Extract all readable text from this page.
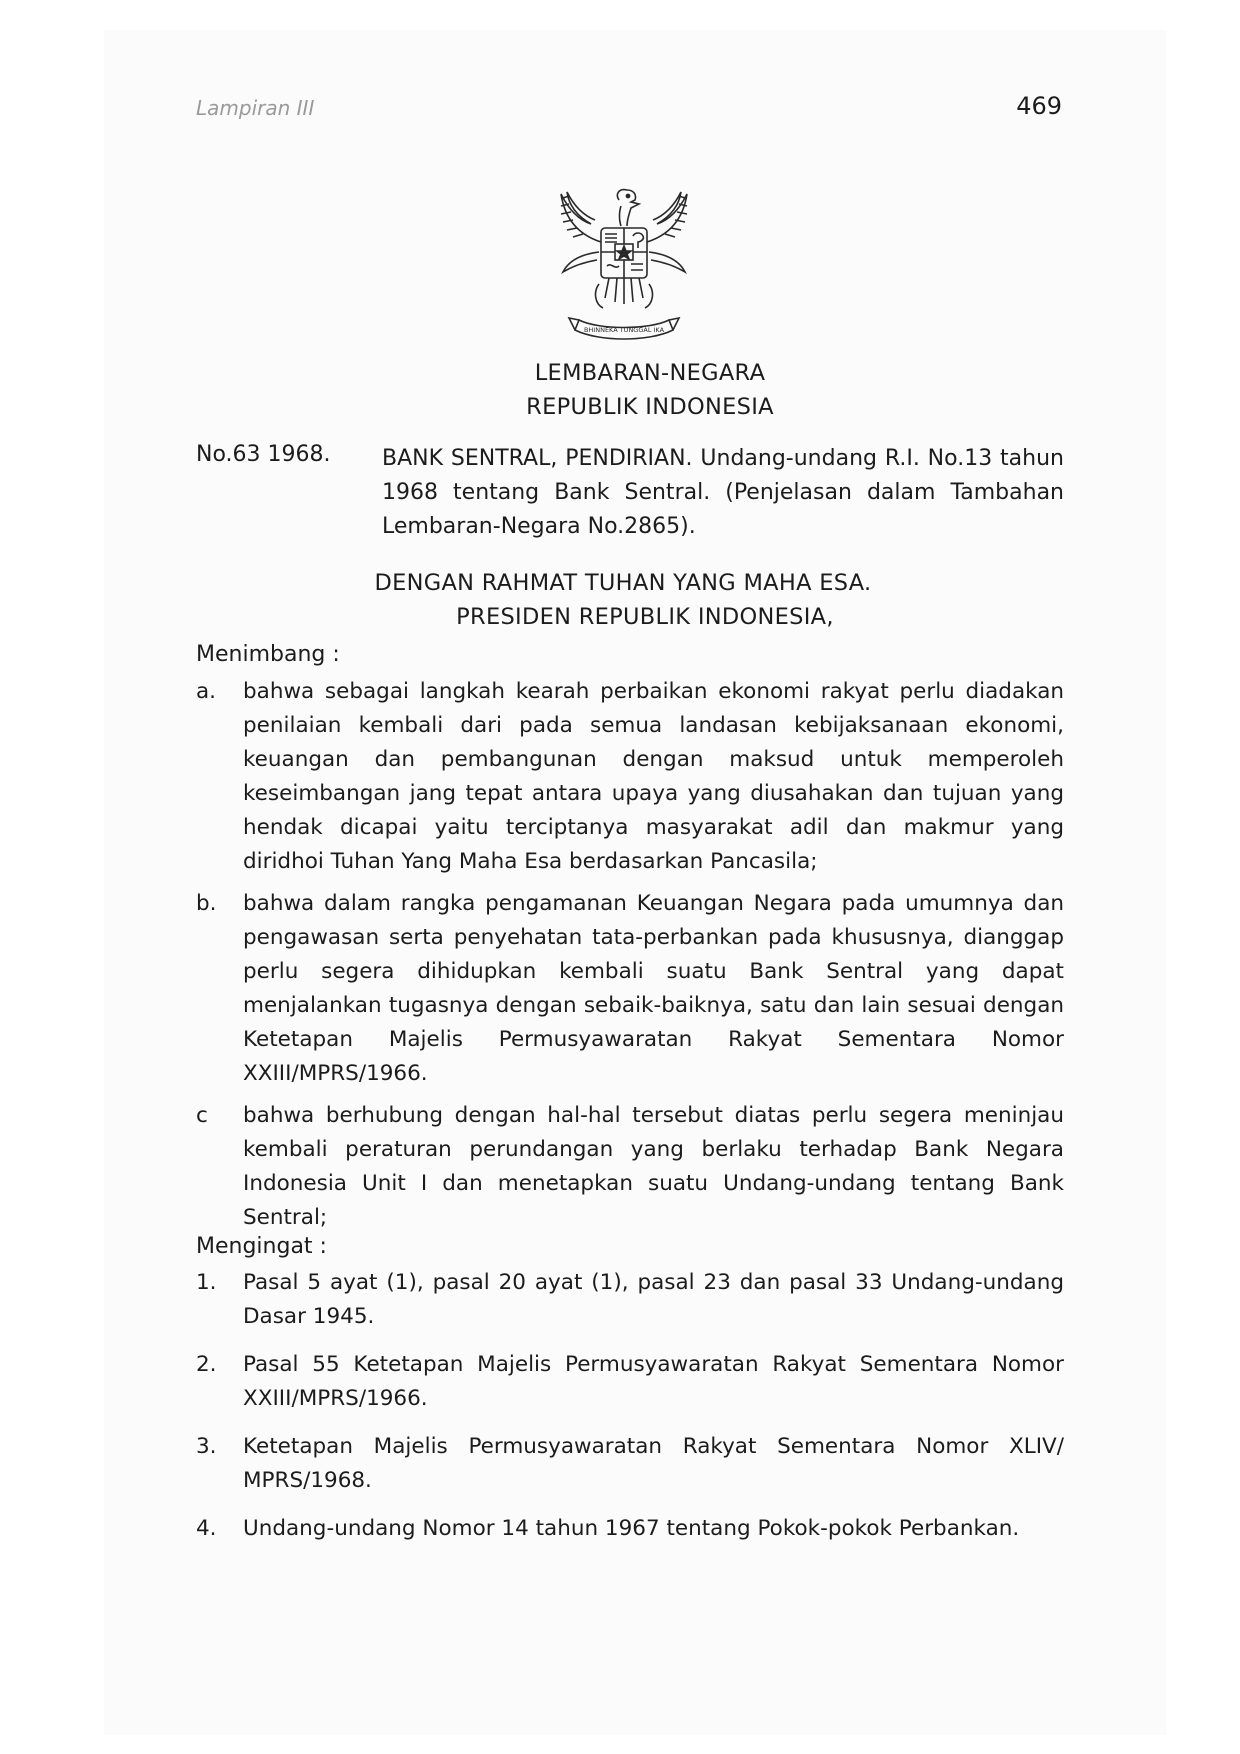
Lampiran III	469
BHINNEKA TUNGGAL IKA
LEMBARAN-NEGARA
REPUBLIK INDONESIA
No.63 1968. BANK SENTRAL, PENDIRIAN. Undang-undang R.I. No.13 tahun 1968 tentang Bank Sentral. (Penjelasan dalam Tambahan Lembaran-Negara No.2865).
DENGAN RAHMAT TUHAN YANG MAHA ESA.
PRESIDEN REPUBLIK INDONESIA,
Menimbang :
a. bahwa sebagai langkah kearah perbaikan ekonomi rakyat perlu diadakan penilaian kembali dari pada semua landasan kebijaksanaan ekonomi, keuangan dan pembangunan dengan maksud untuk memperoleh keseimbangan jang tepat antara upaya yang diusahakan dan tujuan yang hendak dicapai yaitu terciptanya masyarakat adil dan makmur yang diridhoi Tuhan Yang Maha Esa berdasarkan Pancasila;
b. bahwa dalam rangka pengamanan Keuangan Negara pada umumnya dan pengawasan serta penyehatan tata-perbankan pada khususnya, dianggap perlu segera dihidupkan kembali suatu Bank Sentral yang dapat menjalankan tugasnya dengan sebaik-baiknya, satu dan lain sesuai dengan Ketetapan Majelis Permusyawaratan Rakyat Sementara Nomor XXIII/MPRS/1966.
c bahwa berhubung dengan hal-hal tersebut diatas perlu segera meninjau kembali peraturan perundangan yang berlaku terhadap Bank Negara Indonesia Unit I dan menetapkan suatu Undang-undang tentang Bank Sentral;
Mengingat :
1. Pasal 5 ayat (1), pasal 20 ayat (1), pasal 23 dan pasal 33 Undang-undang Dasar 1945.
2. Pasal 55 Ketetapan Majelis Permusyawaratan Rakyat Sementara Nomor XXIII/MPRS/1966.
3. Ketetapan Majelis Permusyawaratan Rakyat Sementara Nomor XLIV/ MPRS/1968.
4. Undang-undang Nomor 14 tahun 1967 tentang Pokok-pokok Perbankan.
